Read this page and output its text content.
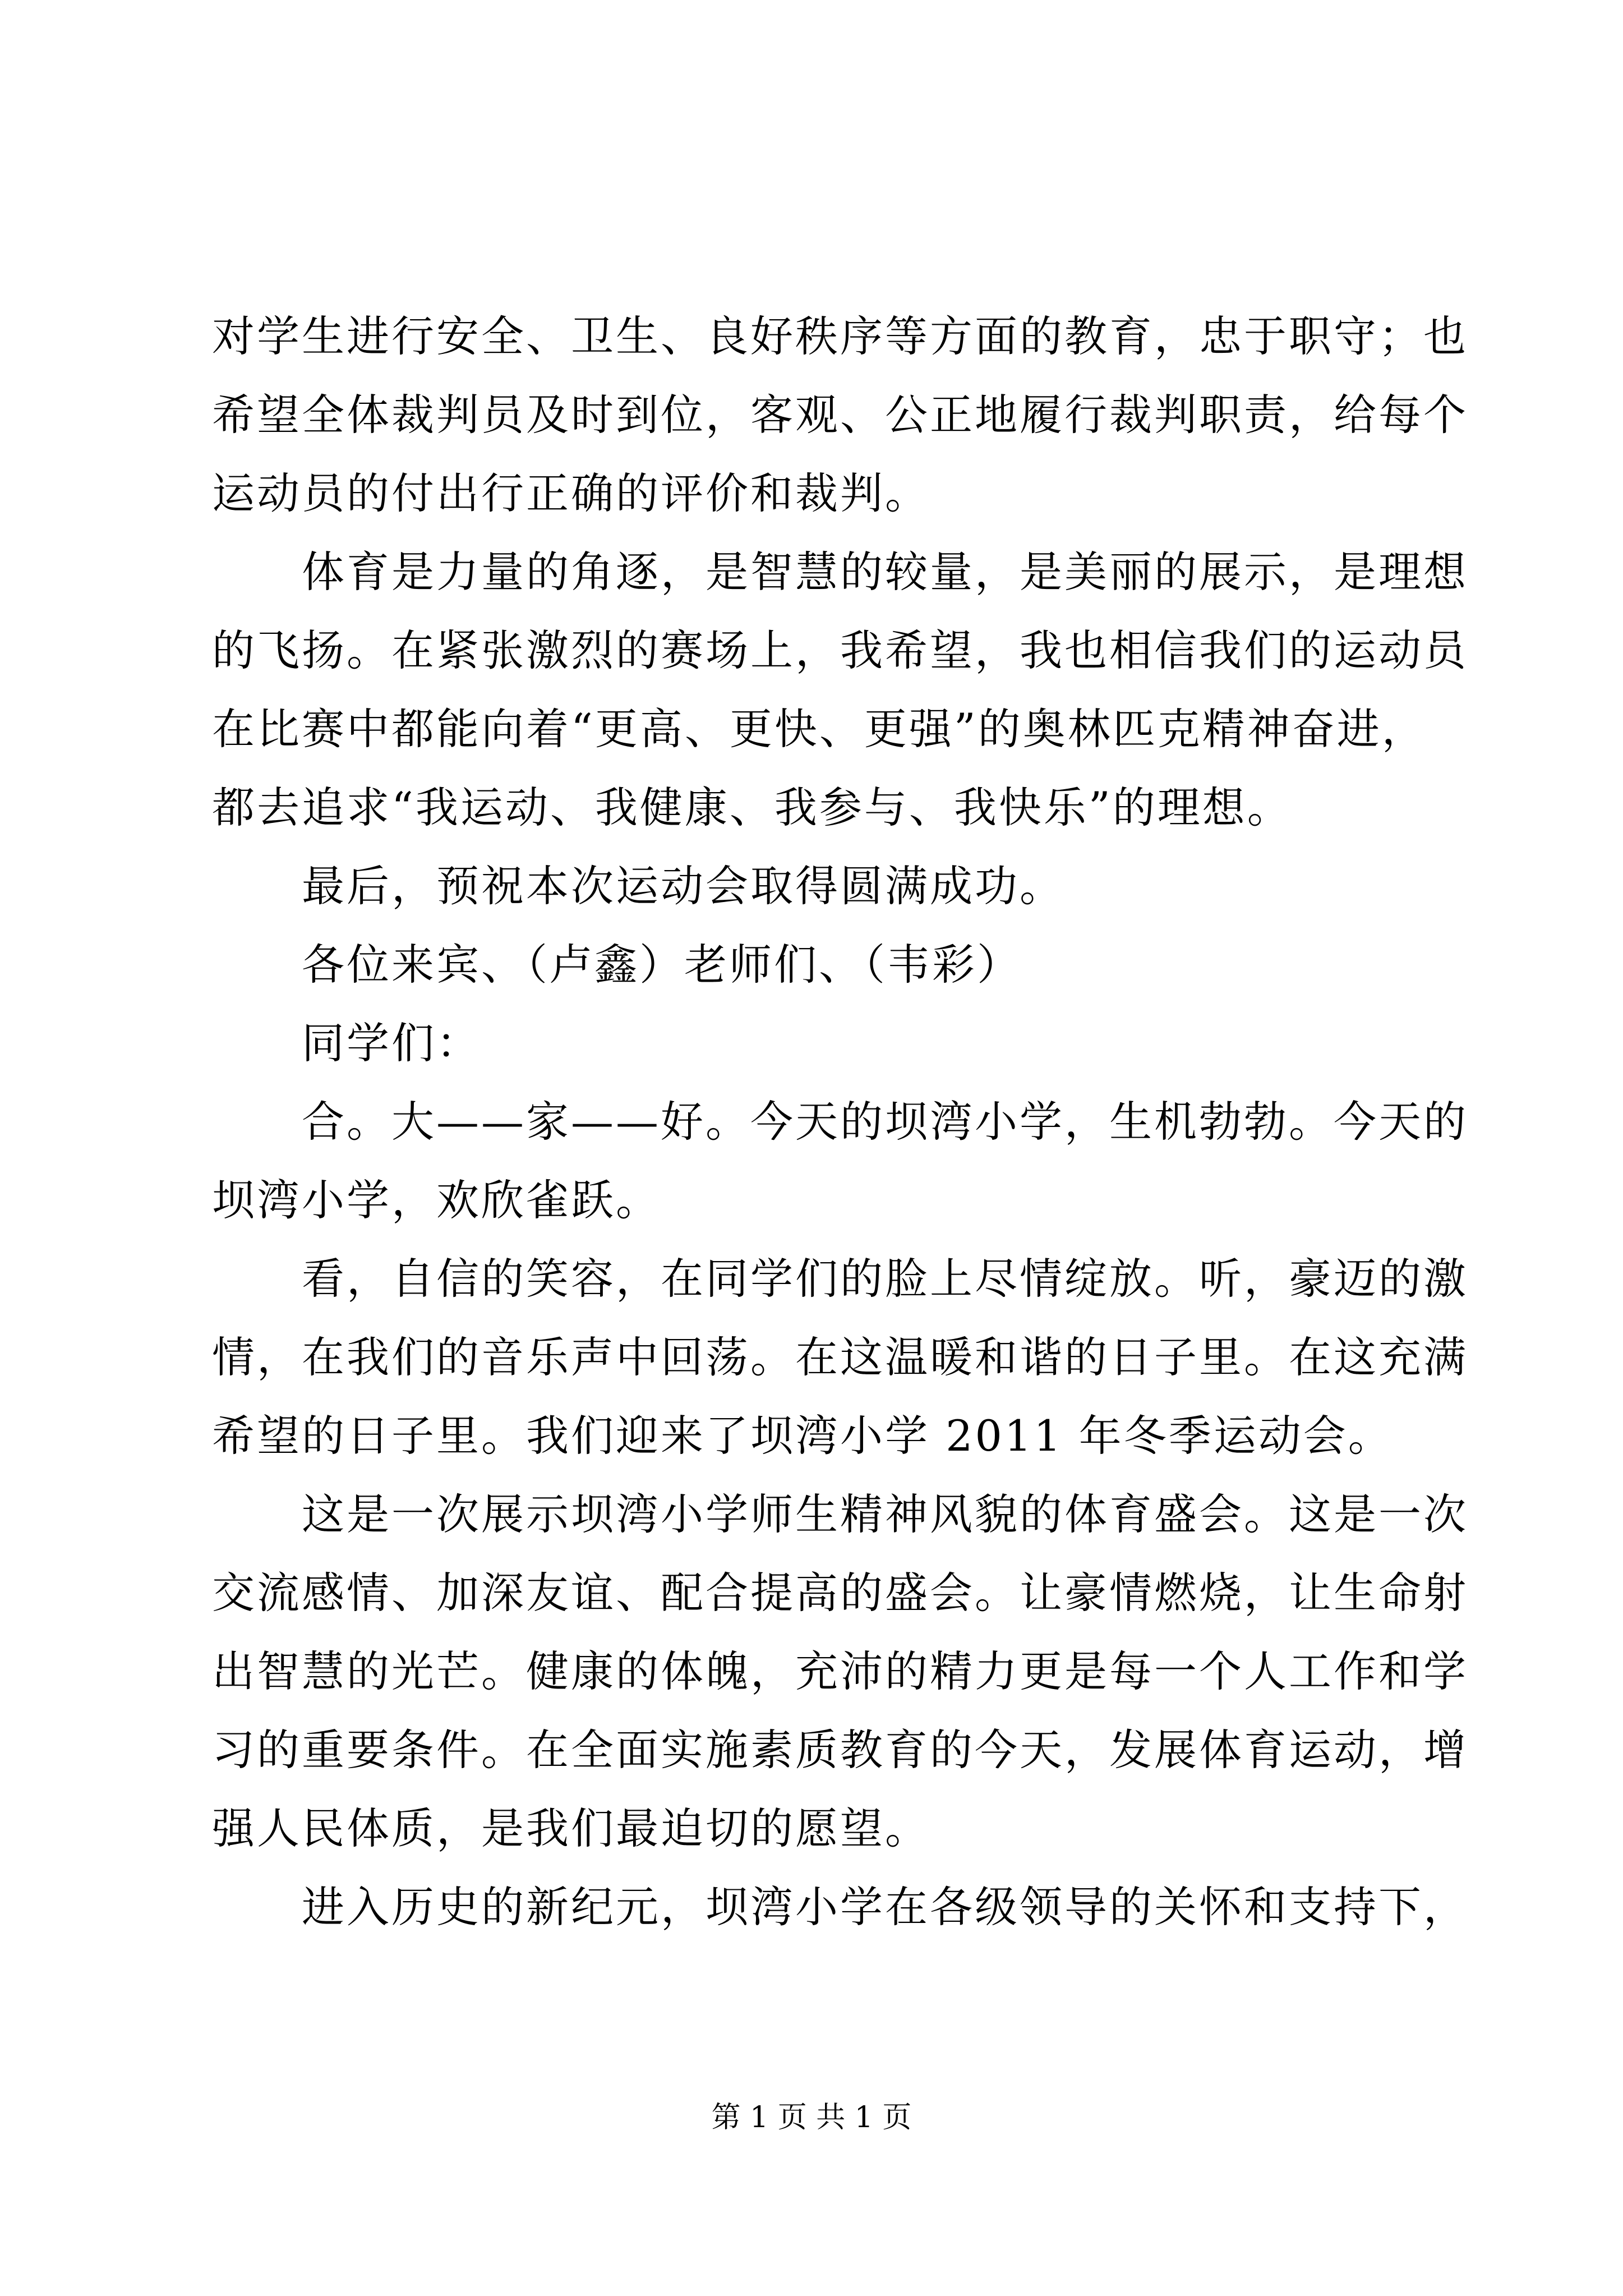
对学生进行安全、卫生、良好秩序等方面的教育，忠于职守；也
希望全体裁判员及时到位，客观、公正地履行裁判职责，给每个
运动员的付出行正确的评价和裁判。
体育是力量的角逐，是智慧的较量，是美丽的展示，是理想
的飞扬。在紧张激烈的赛场上，我希望，我也相信我们的运动员
在比赛中都能向着“更高、更快、更强”的奥林匹克精神奋进，
都去追求“我运动、我健康、我参与、我快乐”的理想。
最后，预祝本次运动会取得圆满成功。
各位来宾、（卢鑫）老师们、（韦彩）
同学们：
合。大——家——好。今天的坝湾小学，生机勃勃。今天的
坝湾小学，欢欣雀跃。
看，自信的笑容，在同学们的脸上尽情绽放。听，豪迈的激
情，在我们的音乐声中回荡。在这温暖和谐的日子里。在这充满
希望的日子里。我们迎来了坝湾小学 2011 年冬季运动会。
这是一次展示坝湾小学师生精神风貌的体育盛会。这是一次
交流感情、加深友谊、配合提高的盛会。让豪情燃烧，让生命射
出智慧的光芒。健康的体魄，充沛的精力更是每一个人工作和学
习的重要条件。在全面实施素质教育的今天，发展体育运动，增
强人民体质，是我们最迫切的愿望。
进入历史的新纪元，坝湾小学在各级领导的关怀和支持下，
第 1 页 共 1 页
